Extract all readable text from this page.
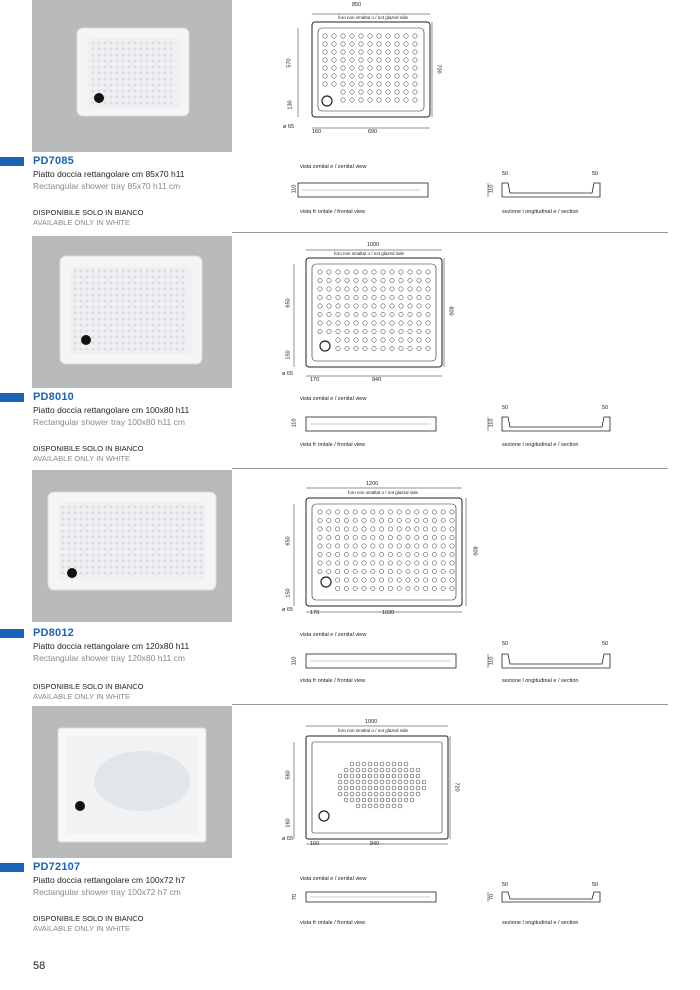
PD7085
Piatto doccia rettangolare cm 85x70 h11
Rectangular shower tray 85x70 h11 cm
DISPONIBILE SOLO IN BIANCO
AVAILABLE ONLY IN WHITE
850
foro non smaltat o / not glazed side
700
570
130
ø 65
160	690
vista zenital e / zenital view
110
vista fr ontale / frontal view
110
50	50
sezione l ongitudinal e / section
PD8010
Piatto doccia rettangolare cm 100x80 h11
Rectangular shower tray 100x80 h11 cm
DISPONIBILE SOLO IN BIANCO
AVAILABLE ONLY IN WHITE
1000
foro non smaltat o / not glazed side
800
650
150
ø 65
170	840
vista zenital e / zenital view
110
vista fr ontale / frontal view
110
50	50
sezione l ongitudinal e / section
PD8012
Piatto doccia rettangolare cm 120x80 h11
Rectangular shower tray 120x80 h11 cm
DISPONIBILE SOLO IN BIANCO
AVAILABLE ONLY IN WHITE
1200
foro non smaltat o / not glazed side
800
650
150
ø 65	170	1030
vista zenital e / zenital view
110
vista fr ontale / frontal view
110
50	50
sezione l ongitudinal e / section
PD72107
Piatto doccia rettangolare cm 100x72 h7
Rectangular shower tray 100x72 h7 cm
DISPONIBILE SOLO IN BIANCO
AVAILABLE ONLY IN WHITE
1000
foro non smaltat o / not glazed side
720
560
160
ø 65
160	840
vista zenital e / zenital view
70
vista fr ontale / frontal view
70
50	50
sezione l ongitudinal e / section
58
